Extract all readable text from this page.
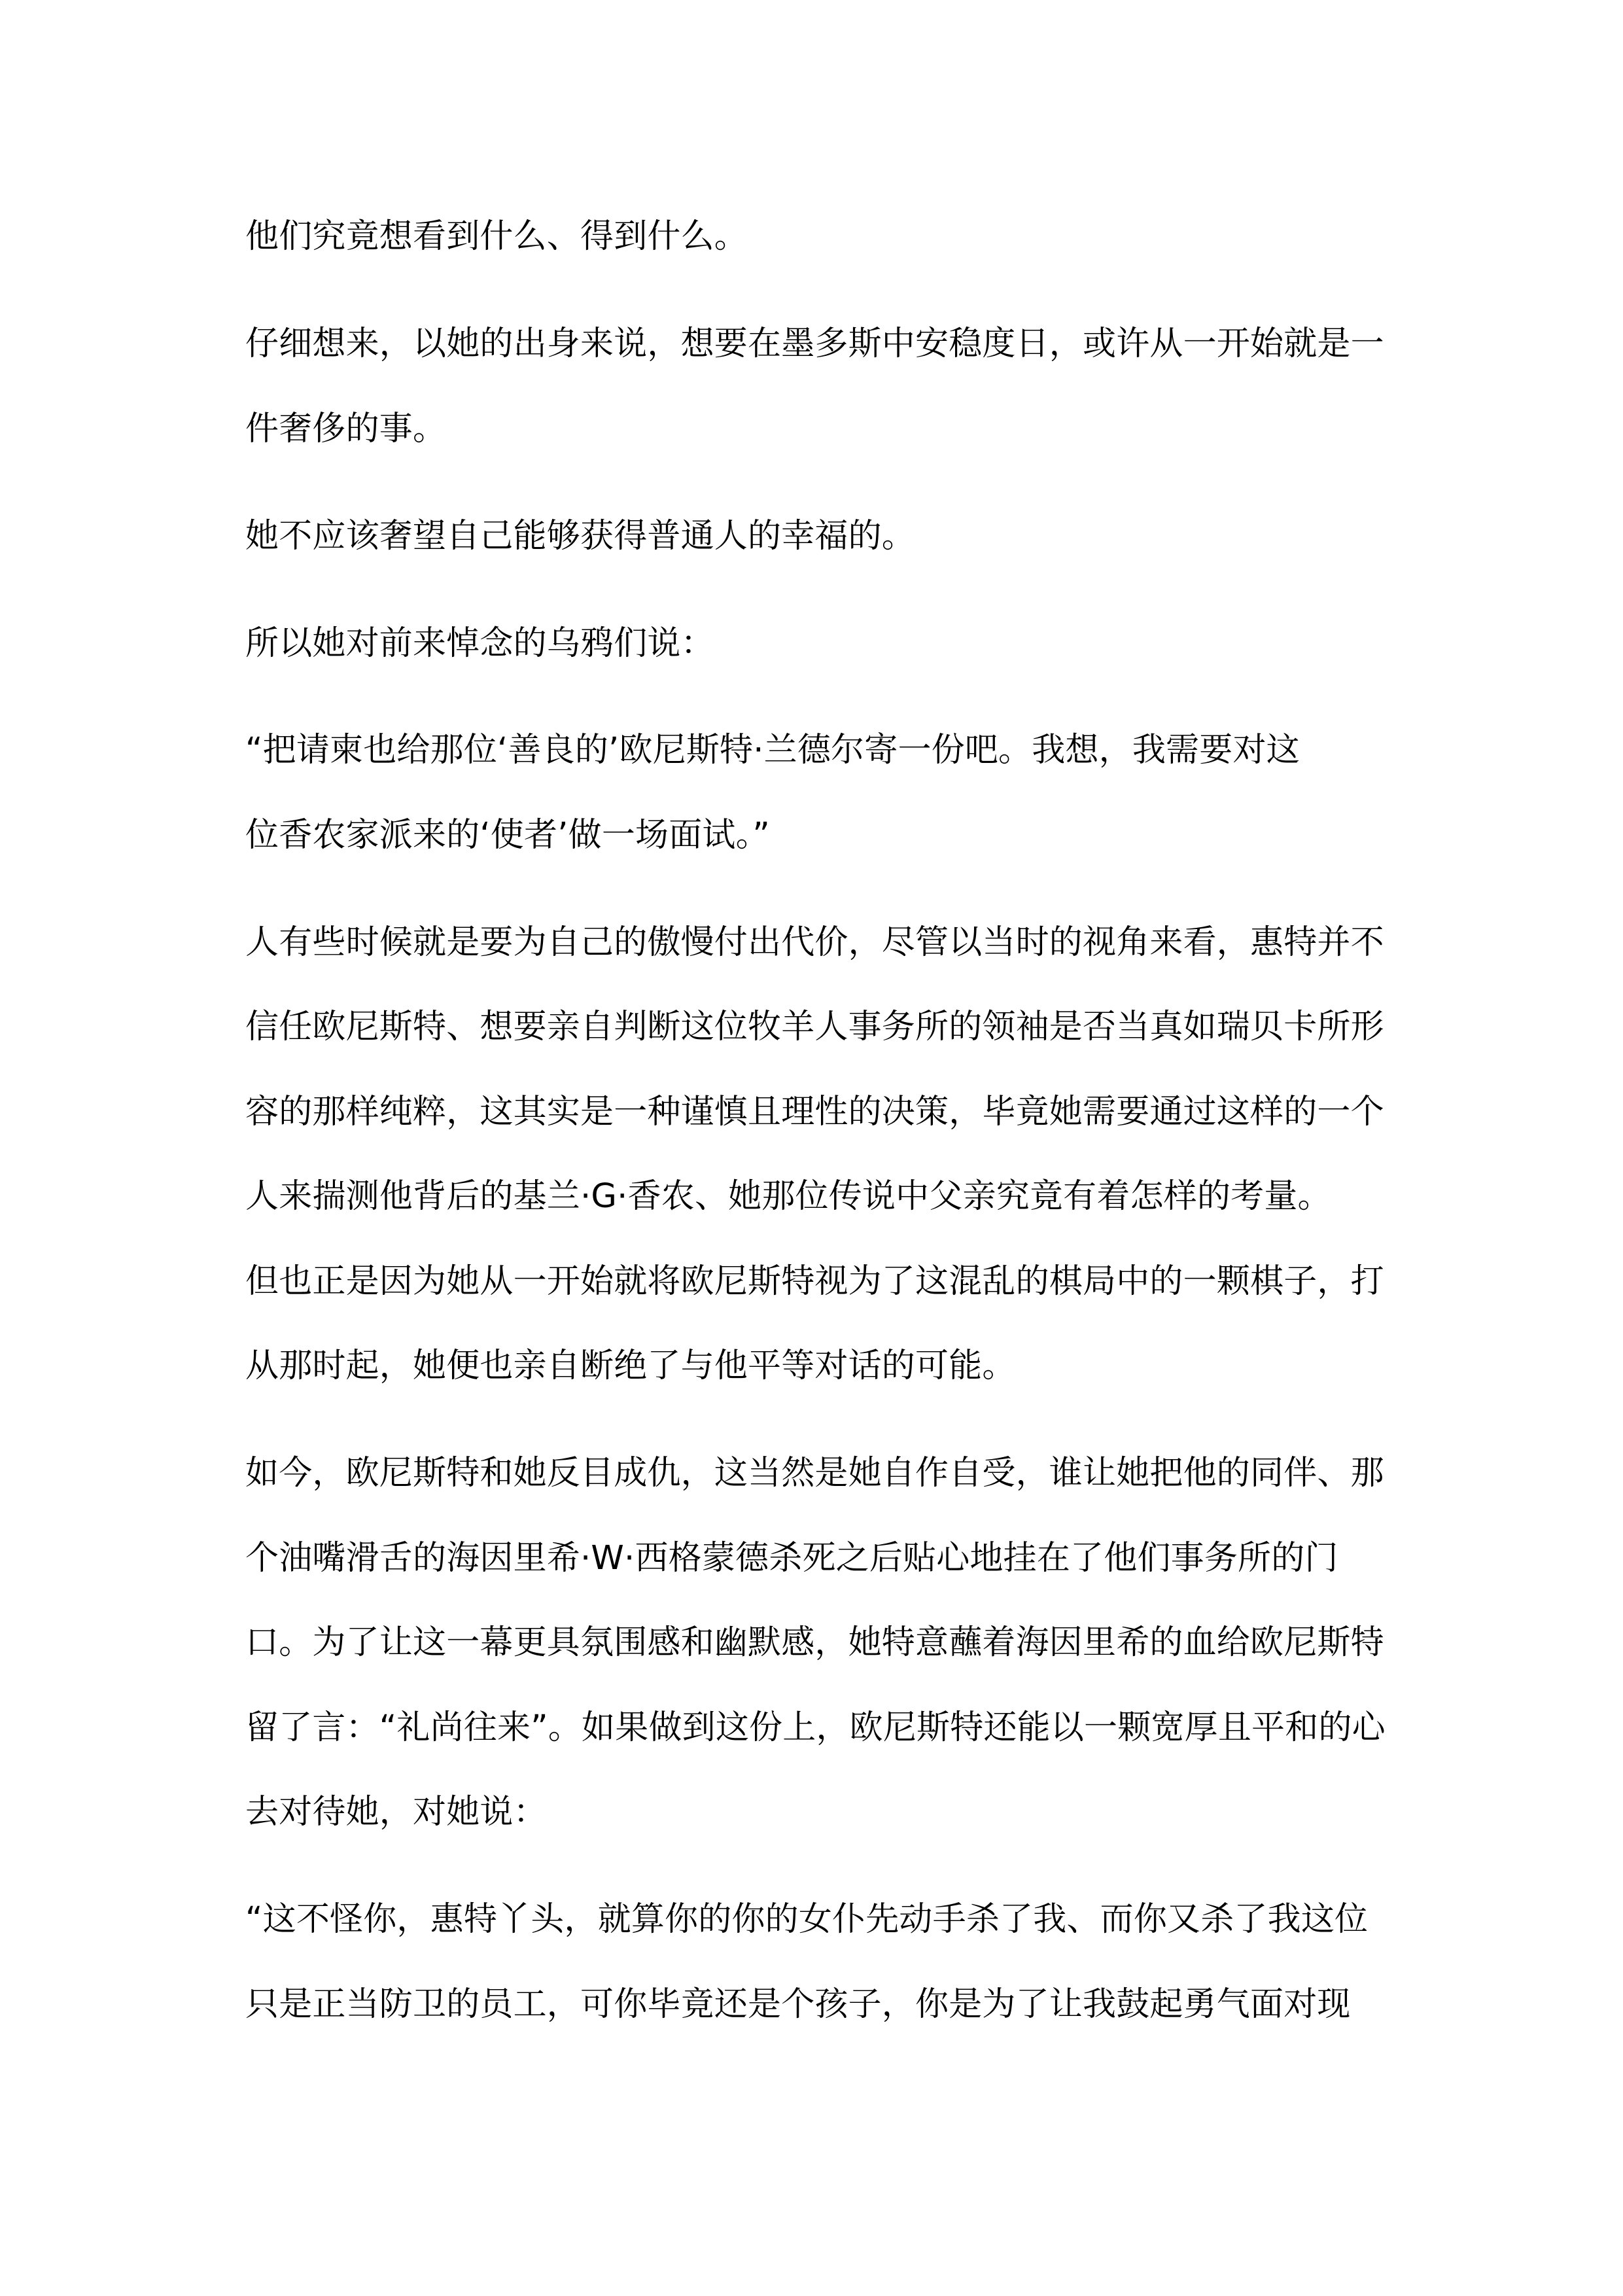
他们究竟想看到什么、得到什么。
仔细想来，以她的出身来说，想要在墨多斯中安稳度日，或许从一开始就是一
件奢侈的事。
她不应该奢望自己能够获得普通人的幸福的。
所以她对前来悼念的乌鸦们说：
“把请柬也给那位‘善良的’欧尼斯特·兰德尔寄一份吧。我想，我需要对这
位香农家派来的‘使者’做一场面试。”
人有些时候就是要为自己的傲慢付出代价，尽管以当时的视角来看，惠特并不
信任欧尼斯特、想要亲自判断这位牧羊人事务所的领袖是否当真如瑞贝卡所形
容的那样纯粹，这其实是一种谨慎且理性的决策，毕竟她需要通过这样的一个
人来揣测他背后的基兰·G·香农、她那位传说中父亲究竟有着怎样的考量。
但也正是因为她从一开始就将欧尼斯特视为了这混乱的棋局中的一颗棋子，打
从那时起，她便也亲自断绝了与他平等对话的可能。
如今，欧尼斯特和她反目成仇，这当然是她自作自受，谁让她把他的同伴、那
个油嘴滑舌的海因里希·W·西格蒙德杀死之后贴心地挂在了他们事务所的门
口。为了让这一幕更具氛围感和幽默感，她特意蘸着海因里希的血给欧尼斯特
留了言：“礼尚往来”。如果做到这份上，欧尼斯特还能以一颗宽厚且平和的心
去对待她，对她说：
“这不怪你，惠特丫头，就算你的你的女仆先动手杀了我、而你又杀了我这位
只是正当防卫的员工，可你毕竟还是个孩子，你是为了让我鼓起勇气面对现
